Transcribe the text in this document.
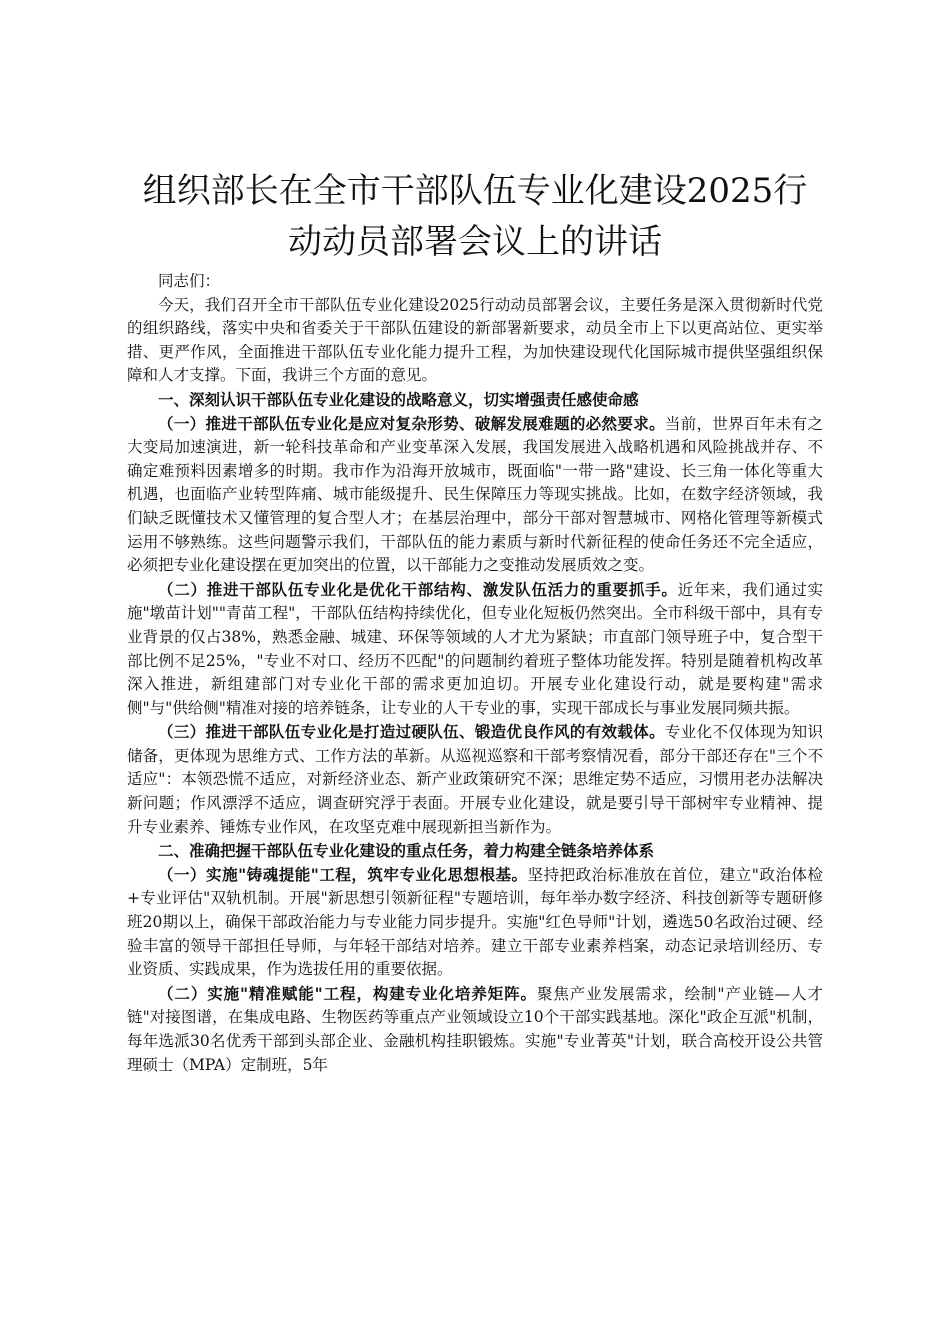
组织部长在全市干部队伍专业化建设2025行动动员部署会议上的讲话

同志们：

今天，我们召开全市干部队伍专业化建设2025行动动员部署会议，主要任务是深入贯彻新时代党的组织路线，落实中央和省委关于干部队伍建设的新部署新要求，动员全市上下以更高站位、更实举措、更严作风，全面推进干部队伍专业化能力提升工程，为加快建设现代化国际城市提供坚强组织保障和人才支撑。下面，我讲三个方面的意见。

一、深刻认识干部队伍专业化建设的战略意义，切实增强责任感使命感

（一）推进干部队伍专业化是应对复杂形势、破解发展难题的必然要求。当前，世界百年未有之大变局加速演进，新一轮科技革命和产业变革深入发展，我国发展进入战略机遇和风险挑战并存、不确定难预料因素增多的时期。我市作为沿海开放城市，既面临"一带一路"建设、长三角一体化等重大机遇，也面临产业转型阵痛、城市能级提升、民生保障压力等现实挑战。比如，在数字经济领域，我们缺乏既懂技术又懂管理的复合型人才；在基层治理中，部分干部对智慧城市、网格化管理等新模式运用不够熟练。这些问题警示我们，干部队伍的能力素质与新时代新征程的使命任务还不完全适应，必须把专业化建设摆在更加突出的位置，以干部能力之变推动发展质效之变。

（二）推进干部队伍专业化是优化干部结构、激发队伍活力的重要抓手。近年来，我们通过实施"墩苗计划""青苗工程"，干部队伍结构持续优化，但专业化短板仍然突出。全市科级干部中，具有专业背景的仅占38%，熟悉金融、城建、环保等领域的人才尤为紧缺；市直部门领导班子中，复合型干部比例不足25%，"专业不对口、经历不匹配"的问题制约着班子整体功能发挥。特别是随着机构改革深入推进，新组建部门对专业化干部的需求更加迫切。开展专业化建设行动，就是要构建"需求侧"与"供给侧"精准对接的培养链条，让专业的人干专业的事，实现干部成长与事业发展同频共振。

（三）推进干部队伍专业化是打造过硬队伍、锻造优良作风的有效载体。专业化不仅体现为知识储备，更体现为思维方式、工作方法的革新。从巡视巡察和干部考察情况看，部分干部还存在"三个不适应"：本领恐慌不适应，对新经济业态、新产业政策研究不深；思维定势不适应，习惯用老办法解决新问题；作风漂浮不适应，调查研究浮于表面。开展专业化建设，就是要引导干部树牢专业精神、提升专业素养、锤炼专业作风，在攻坚克难中展现新担当新作为。

二、准确把握干部队伍专业化建设的重点任务，着力构建全链条培养体系

（一）实施"铸魂提能"工程，筑牢专业化思想根基。坚持把政治标准放在首位，建立"政治体检+专业评估"双轨机制。开展"新思想引领新征程"专题培训，每年举办数字经济、科技创新等专题研修班20期以上，确保干部政治能力与专业能力同步提升。实施"红色导师"计划，遴选50名政治过硬、经验丰富的领导干部担任导师，与年轻干部结对培养。建立干部专业素养档案，动态记录培训经历、专业资质、实践成果，作为选拔任用的重要依据。

（二）实施"精准赋能"工程，构建专业化培养矩阵。聚焦产业发展需求，绘制"产业链—人才链"对接图谱，在集成电路、生物医药等重点产业领域设立10个干部实践基地。深化"政企互派"机制，每年选派30名优秀干部到头部企业、金融机构挂职锻炼。实施"专业菁英"计划，联合高校开设公共管理硕士（MPA）定制班，5年
